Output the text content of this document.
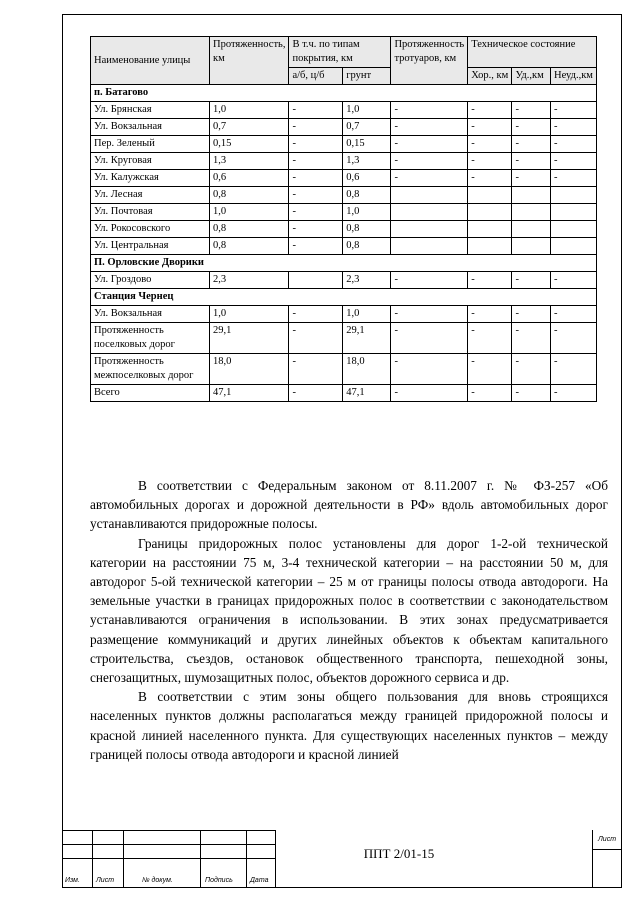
Наименование улицы	Протяженность, км	В т.ч. по типам покрытия, км		Протяженность тротуаров, км	Техническое состояние		
		а/б, ц/б	грунт		Хор., км	Уд.,км	Неуд.,км
п. Батагово							
Ул. Брянская	1,0	-	1,0	-	-	-	-
Ул. Вокзальная	0,7	-	0,7	-	-	-	-
Пер. Зеленый	0,15	-	0,15	-	-	-	-
Ул. Круговая	1,3	-	1,3	-	-	-	-
Ул. Калужская	0,6	-	0,6	-	-	-	-
Ул. Лесная	0,8	-	0,8				
Ул. Почтовая	1,0	-	1,0				
Ул. Рокосовского	0,8	-	0,8				
Ул. Центральная	0,8	-	0,8				
П. Орловские Дворики							
Ул. Гроздово	2,3		2,3	-	-	-	-
Станция Чернец							
Ул. Вокзальная	1,0	-	1,0	-	-	-	-
Протяженность поселковых дорог	29,1	-	29,1	-	-	-	-
Протяженность межпоселковых дорог	18,0	-	18,0	-	-	-	-
Всего	47,1	-	47,1	-	-	-	-

В соответствии с Федеральным законом от 8.11.2007 г. № ФЗ-257 «Об автомобильных дорогах и дорожной деятельности в РФ» вдоль автомобильных дорог устанавливаются придорожные полосы.

Границы придорожных полос установлены для дорог 1-2-ой технической категории на расстоянии 75 м, 3-4 технической категории – на расстоянии 50 м, для автодорог 5-ой технической категории – 25 м от границы полосы отвода автодороги. На земельные участки в границах придорожных полос в соответствии с законодательством устанавливаются ограничения в использовании. В этих зонах предусматривается размещение коммуникаций и других линейных объектов к объектам капитального строительства, съездов, остановок общественного транспорта, пешеходной зоны, снегозащитных, шумозащитных полос, объектов дорожного сервиса и др.

В соответствии с этим зоны общего пользования для вновь строящихся населенных пунктов должны располагаться между границей придорожной полосы и красной линией населенного пункта. Для существующих населенных пунктов – между границей полосы отвода автодороги и красной линией

Изм. Лист	№ докум.	Подпись Дата
Лист
ППТ 2/01-15
